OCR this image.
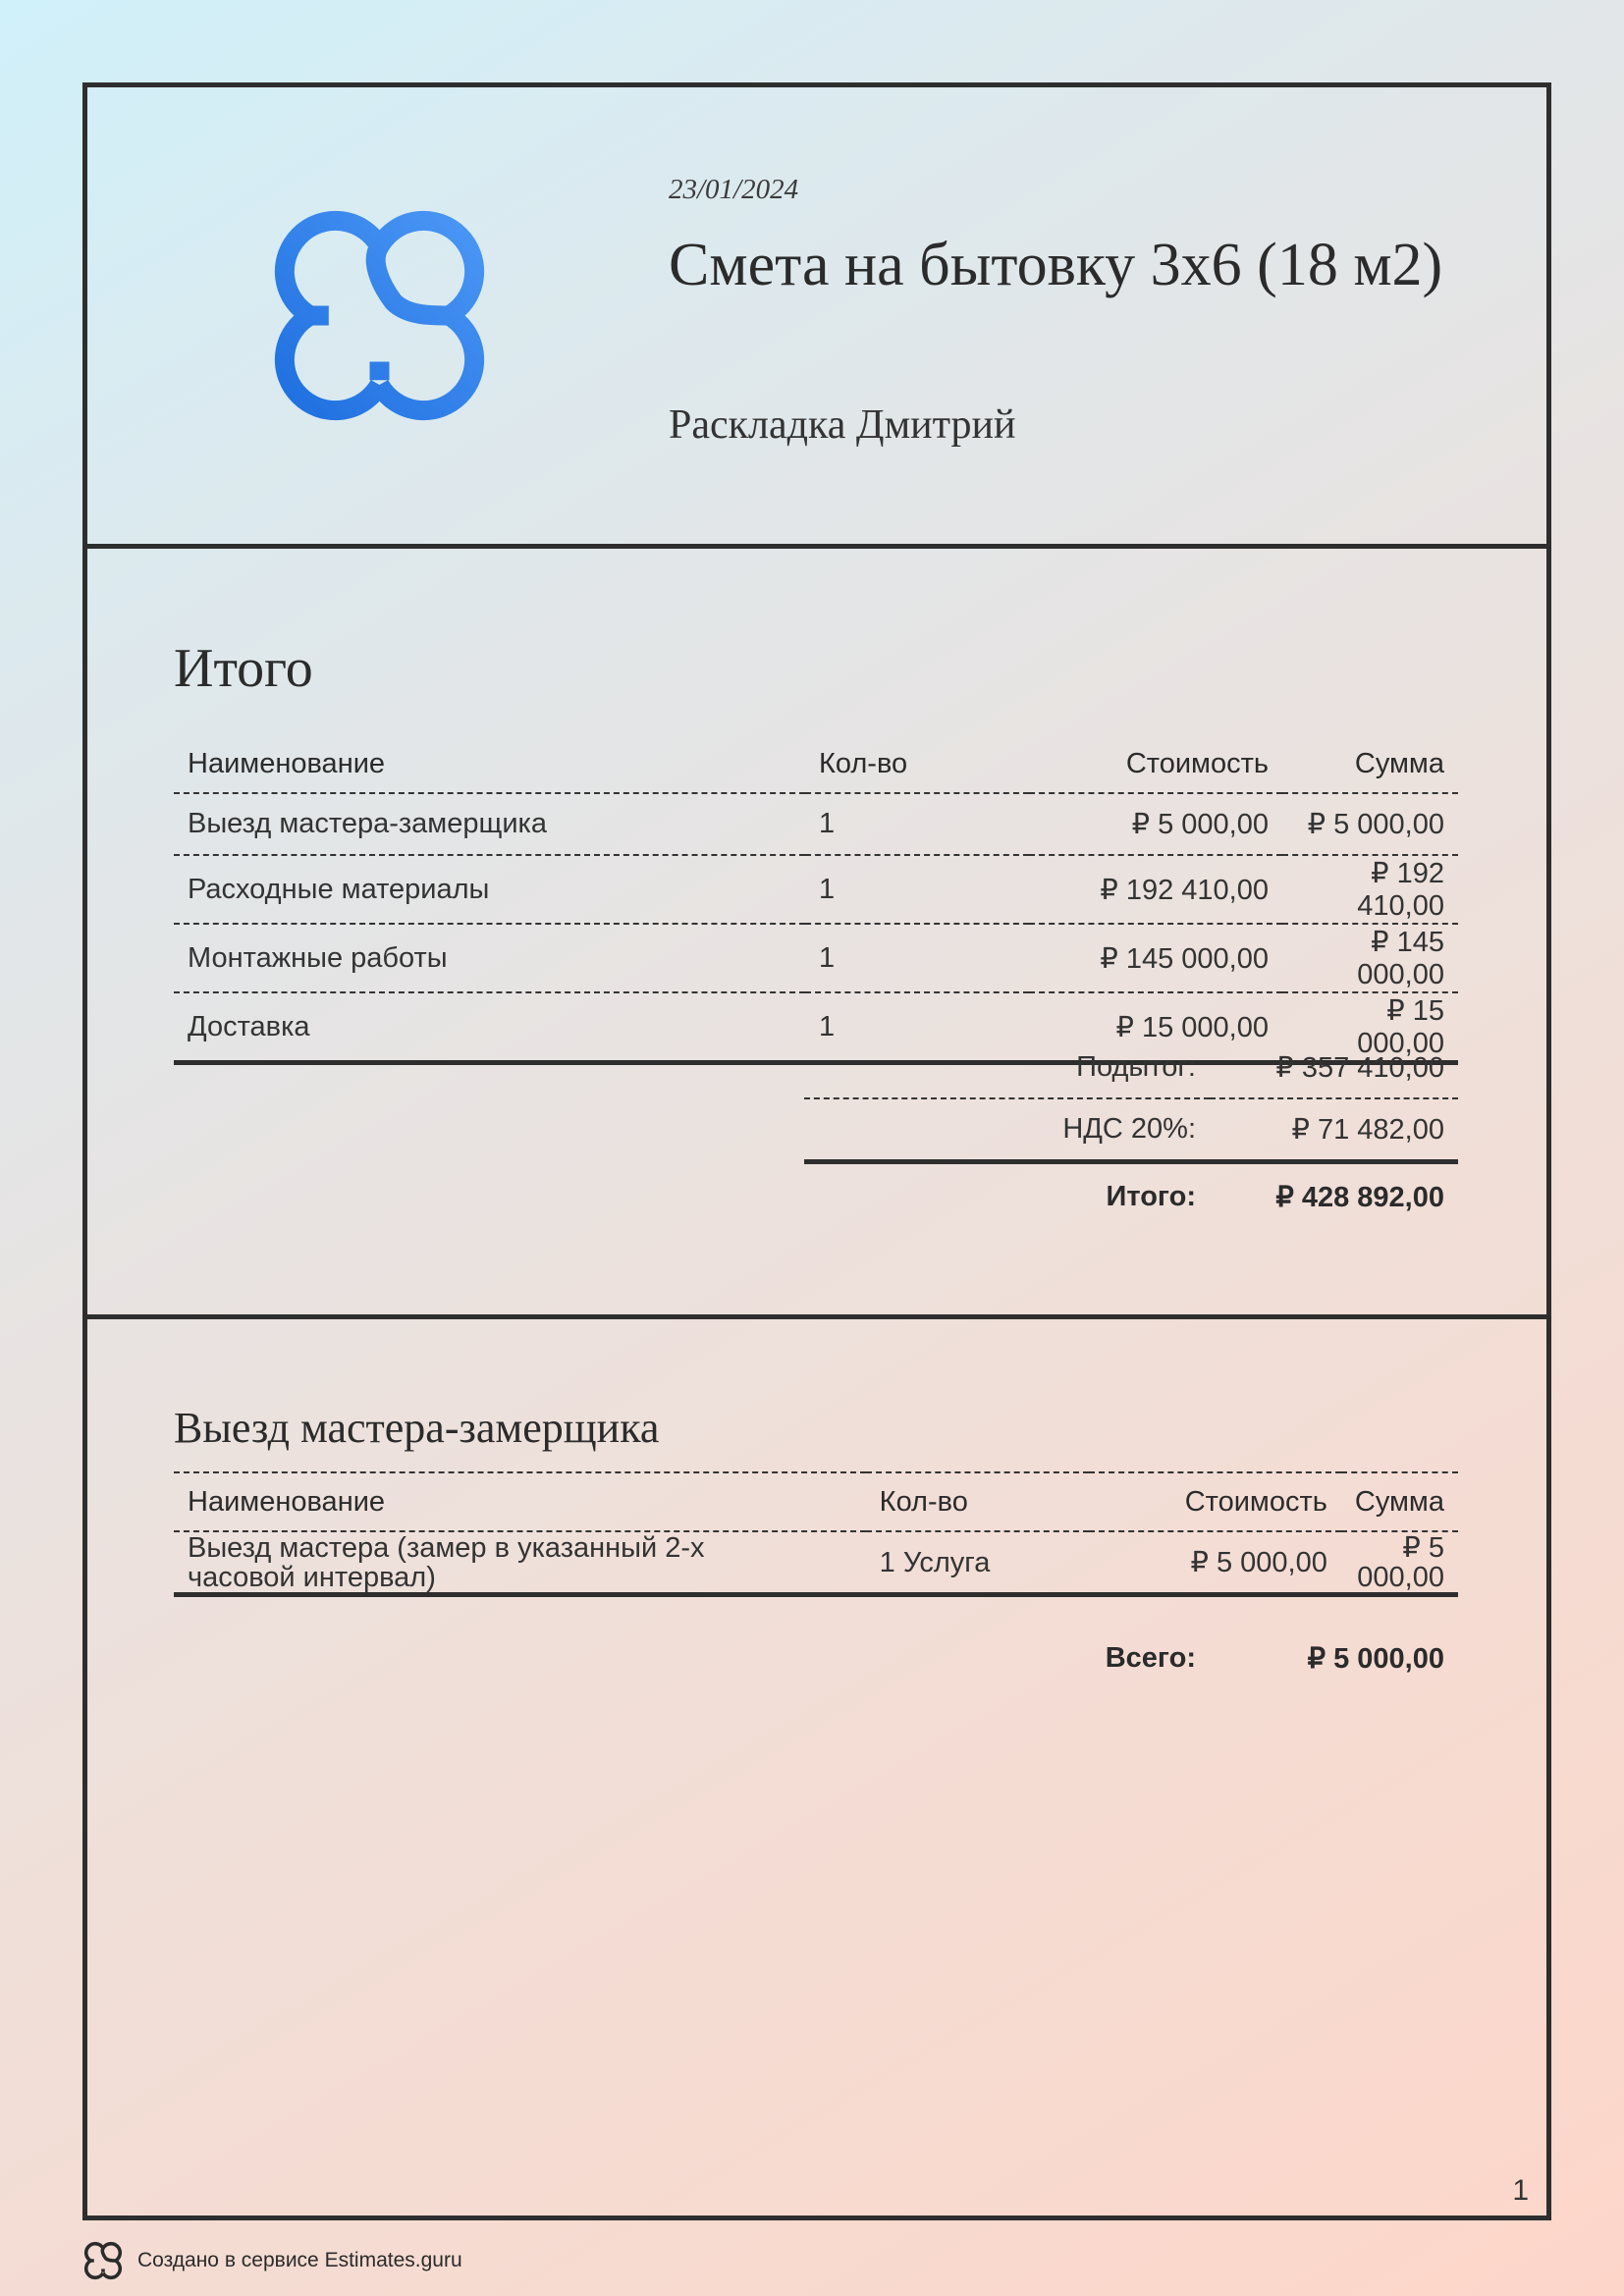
23/01/2024
Смета на бытовку 3х6 (18 м2)
Раскладка Дмитрий
Итого
Наименование	Кол-во	Стоимость	Сумма
Выезд мастера-замерщика	1	₽ 5 000,00	₽ 5 000,00
Расходные материалы	1	₽ 192 410,00	₽ 192 410,00
Монтажные работы	1	₽ 145 000,00	₽ 145 000,00
Доставка	1	₽ 15 000,00	₽ 15 000,00
Подытог:	₽ 357 410,00
НДС 20%:	₽ 71 482,00
Итого:	₽ 428 892,00
Выезд мастера-замерщика
Наименование	Кол-во	Стоимость	Сумма
Выезд мастера (замер в указанный 2-х часовой интервал)	1 Услуга	₽ 5 000,00	₽ 5 000,00
Всего:	₽ 5 000,00
1
Создано в сервисе Estimates.guru
